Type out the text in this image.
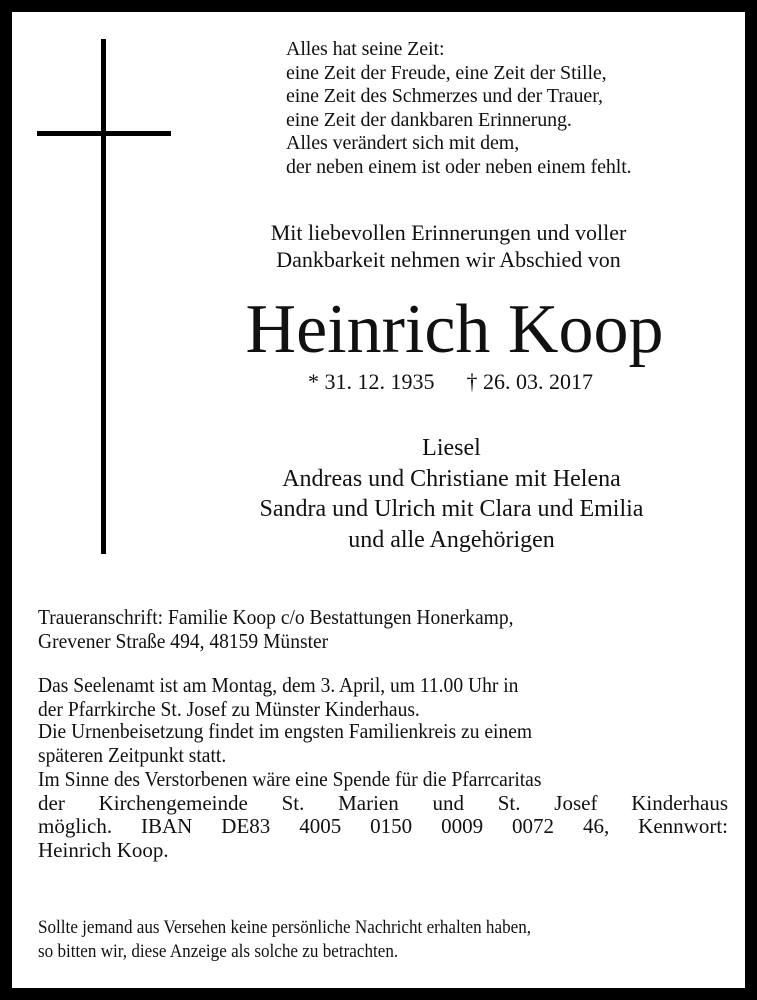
Alles hat seine Zeit:
eine Zeit der Freude, eine Zeit der Stille,
eine Zeit des Schmerzes und der Trauer,
eine Zeit der dankbaren Erinnerung.
Alles verändert sich mit dem,
der neben einem ist oder neben einem fehlt.
Mit liebevollen Erinnerungen und voller
Dankbarkeit nehmen wir Abschied von
Heinrich Koop
* 31. 12. 1935 † 26. 03. 2017
Liesel
Andreas und Christiane mit Helena
Sandra und Ulrich mit Clara und Emilia
und alle Angehörigen
Traueranschrift: Familie Koop c/o Bestattungen Honerkamp,
Grevener Straße 494, 48159 Münster
Das Seelenamt ist am Montag, dem 3. April, um 11.00 Uhr in
der Pfarrkirche St. Josef zu Münster Kinderhaus.
Die Urnenbeisetzung findet im engsten Familienkreis zu einem
späteren Zeitpunkt statt.
Im Sinne des Verstorbenen wäre eine Spende für die Pfarrcaritas
der Kirchengemeinde St. Marien und St. Josef Kinderhaus
möglich. IBAN DE83 4005 0150 0009 0072 46, Kennwort:
Heinrich Koop.
Sollte jemand aus Versehen keine persönliche Nachricht erhalten haben,
so bitten wir, diese Anzeige als solche zu betrachten.
